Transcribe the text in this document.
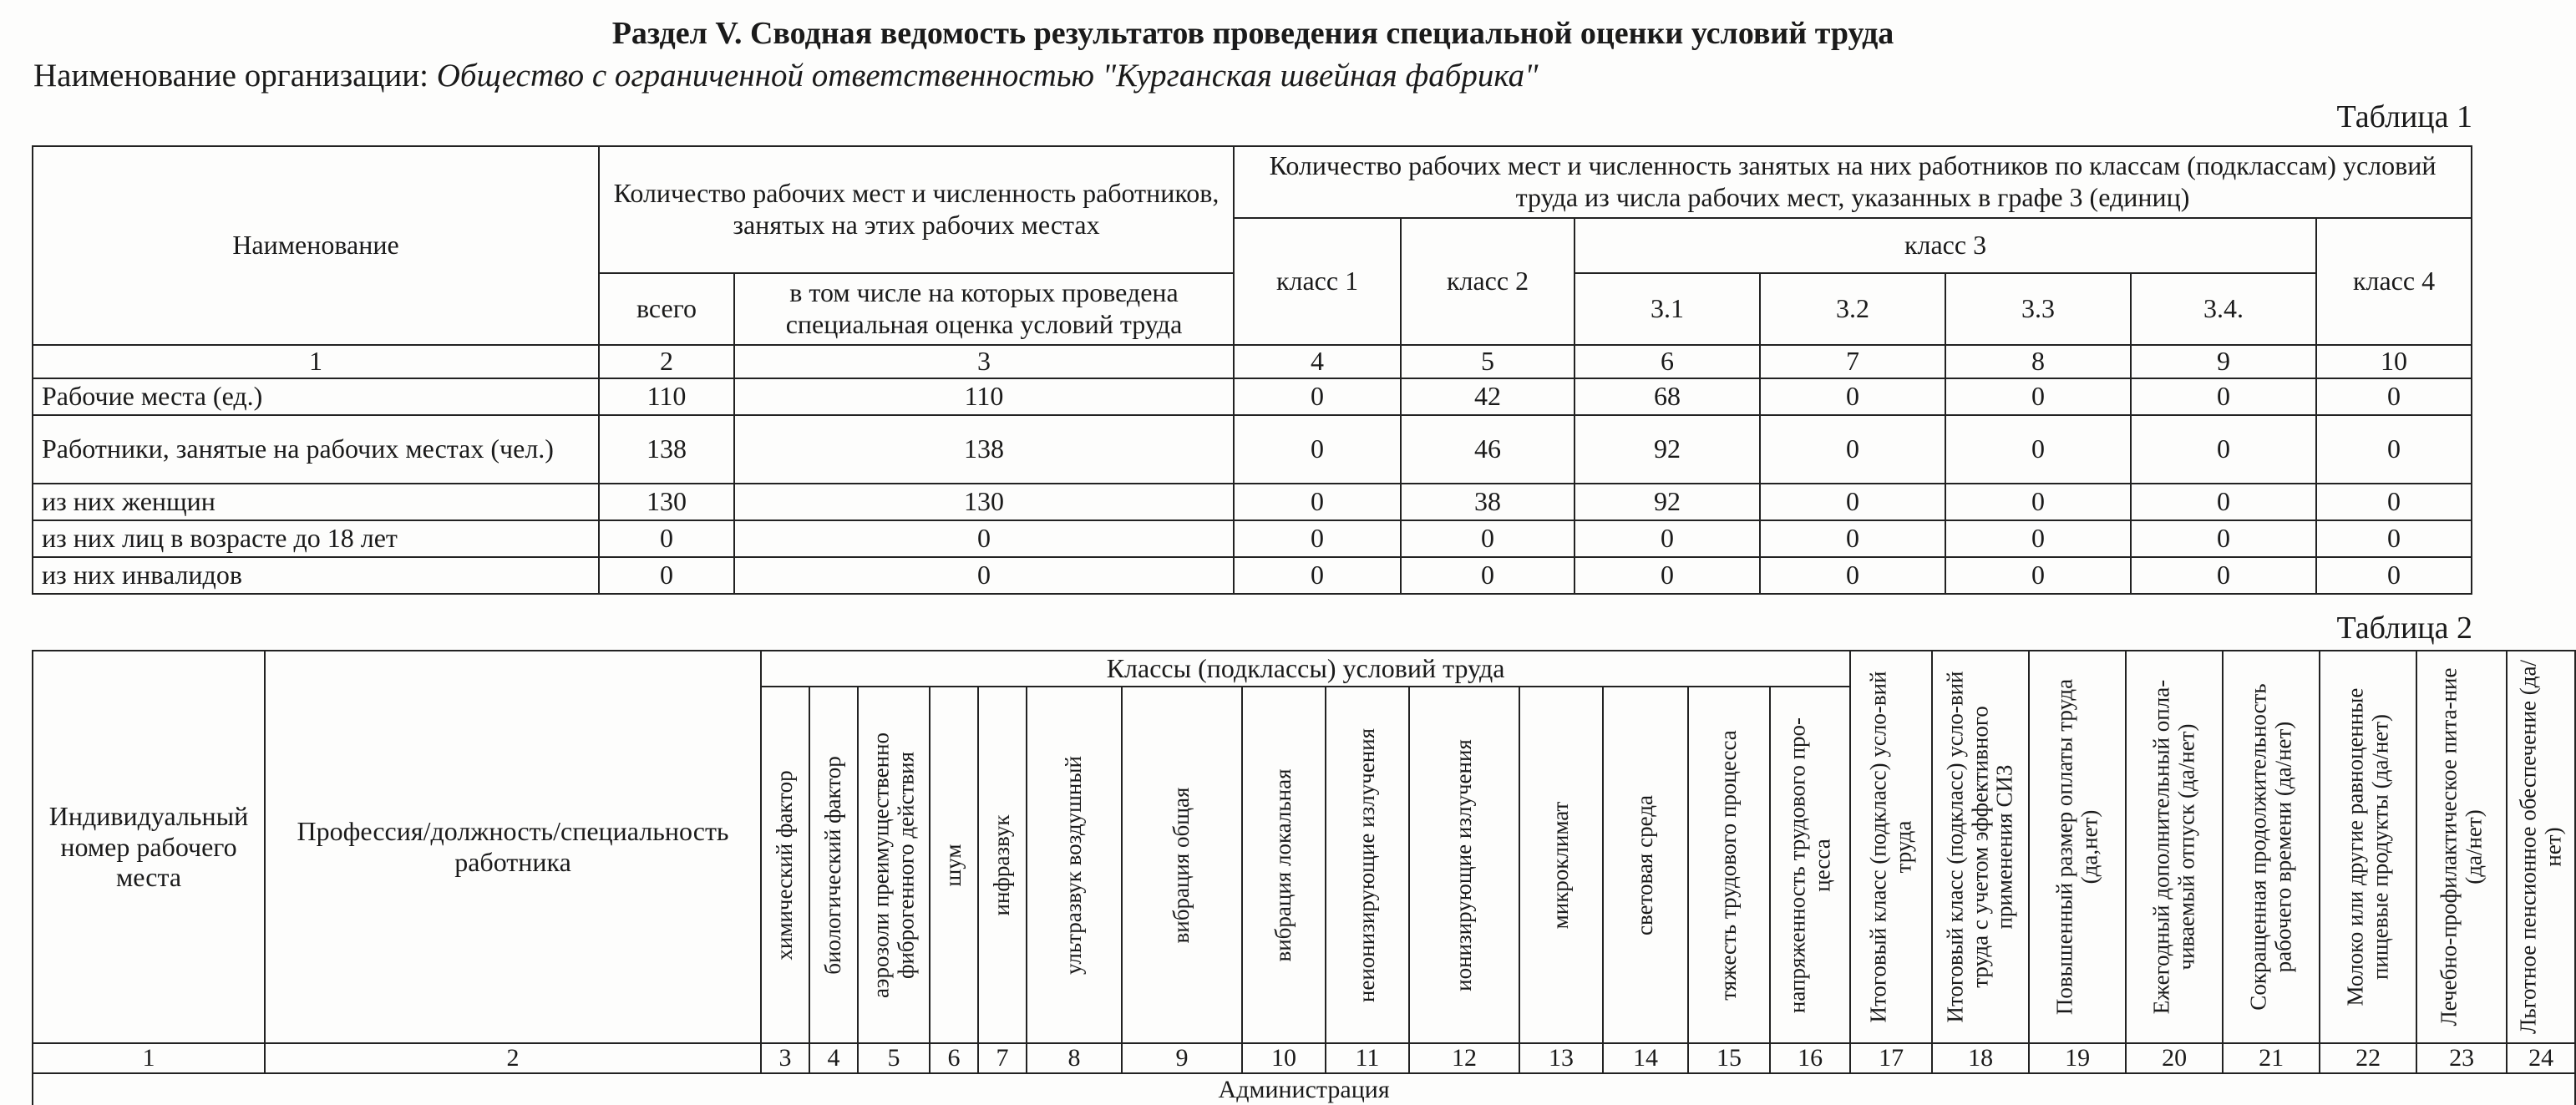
Раздел V. Сводная ведомость результатов проведения специальной оценки условий труда
Наименование организации: Общество с ограниченной ответственностью "Курганская швейная фабрика"
Таблица 1
Наименование	Количество рабочих мест и численность работников, занятых на этих рабочих местах		Количество рабочих мест и численность занятых на них работников по классам (подклассам) условий труда из числа рабочих мест, указанных в графе 3 (единиц)						
			класс 1	класс 2	класс 3				класс 4
	всего	в том числе на которых проведена специальная оценка условий труда			3.1	3.2	3.3	3.4.	
1	2	3	4	5	6	7	8	9	10
Рабочие места (ед.)	110	110	0	42	68	0	0	0	0
Работники, занятые на рабочих местах (чел.)	138	138	0	46	92	0	0	0	0
из них женщин	130	130	0	38	92	0	0	0	0
из них лиц в возрасте до 18 лет	0	0	0	0	0	0	0	0	0
из них инвалидов	0	0	0	0	0	0	0	0	0
Таблица 2
Индивидуальный номер рабочего места	Профессия/должность/специальность работника	Классы (подклассы) условий труда														Итоговый класс (подкласс) усло-вий труда	Итоговый класс (подкласс) усло-вий труда с учетом эффективного применения СИЗ	Повышенный размер оплаты труда (да,нет)	Ежегодный дополнительный опла-чиваемый отпуск (да/нет)	Сокращенная продолжительность рабочего времени (да/нет)	Молоко или другие равноценные пищевые продукты (да/нет)	Лечебно-профилактическое пита-ние (да/нет)	Льготное пенсионное обеспечение (да/нет)

		химический фактор	биологический фактор	аэрозоли преимущественно фиброгенного действия	шум	инфразвук	ультразвук воздушный	вибрация общая	вибрация локальная	неионизирующие излучения	ионизирующие излучения	микроклимат	световая среда	тяжесть трудового процесса	напряженность трудового про-цесса								

1	2	3	4	5	6	7	8	9	10	11	12	13	14	15	16	17	18	19	20	21	22	23	24
Администрация																							
